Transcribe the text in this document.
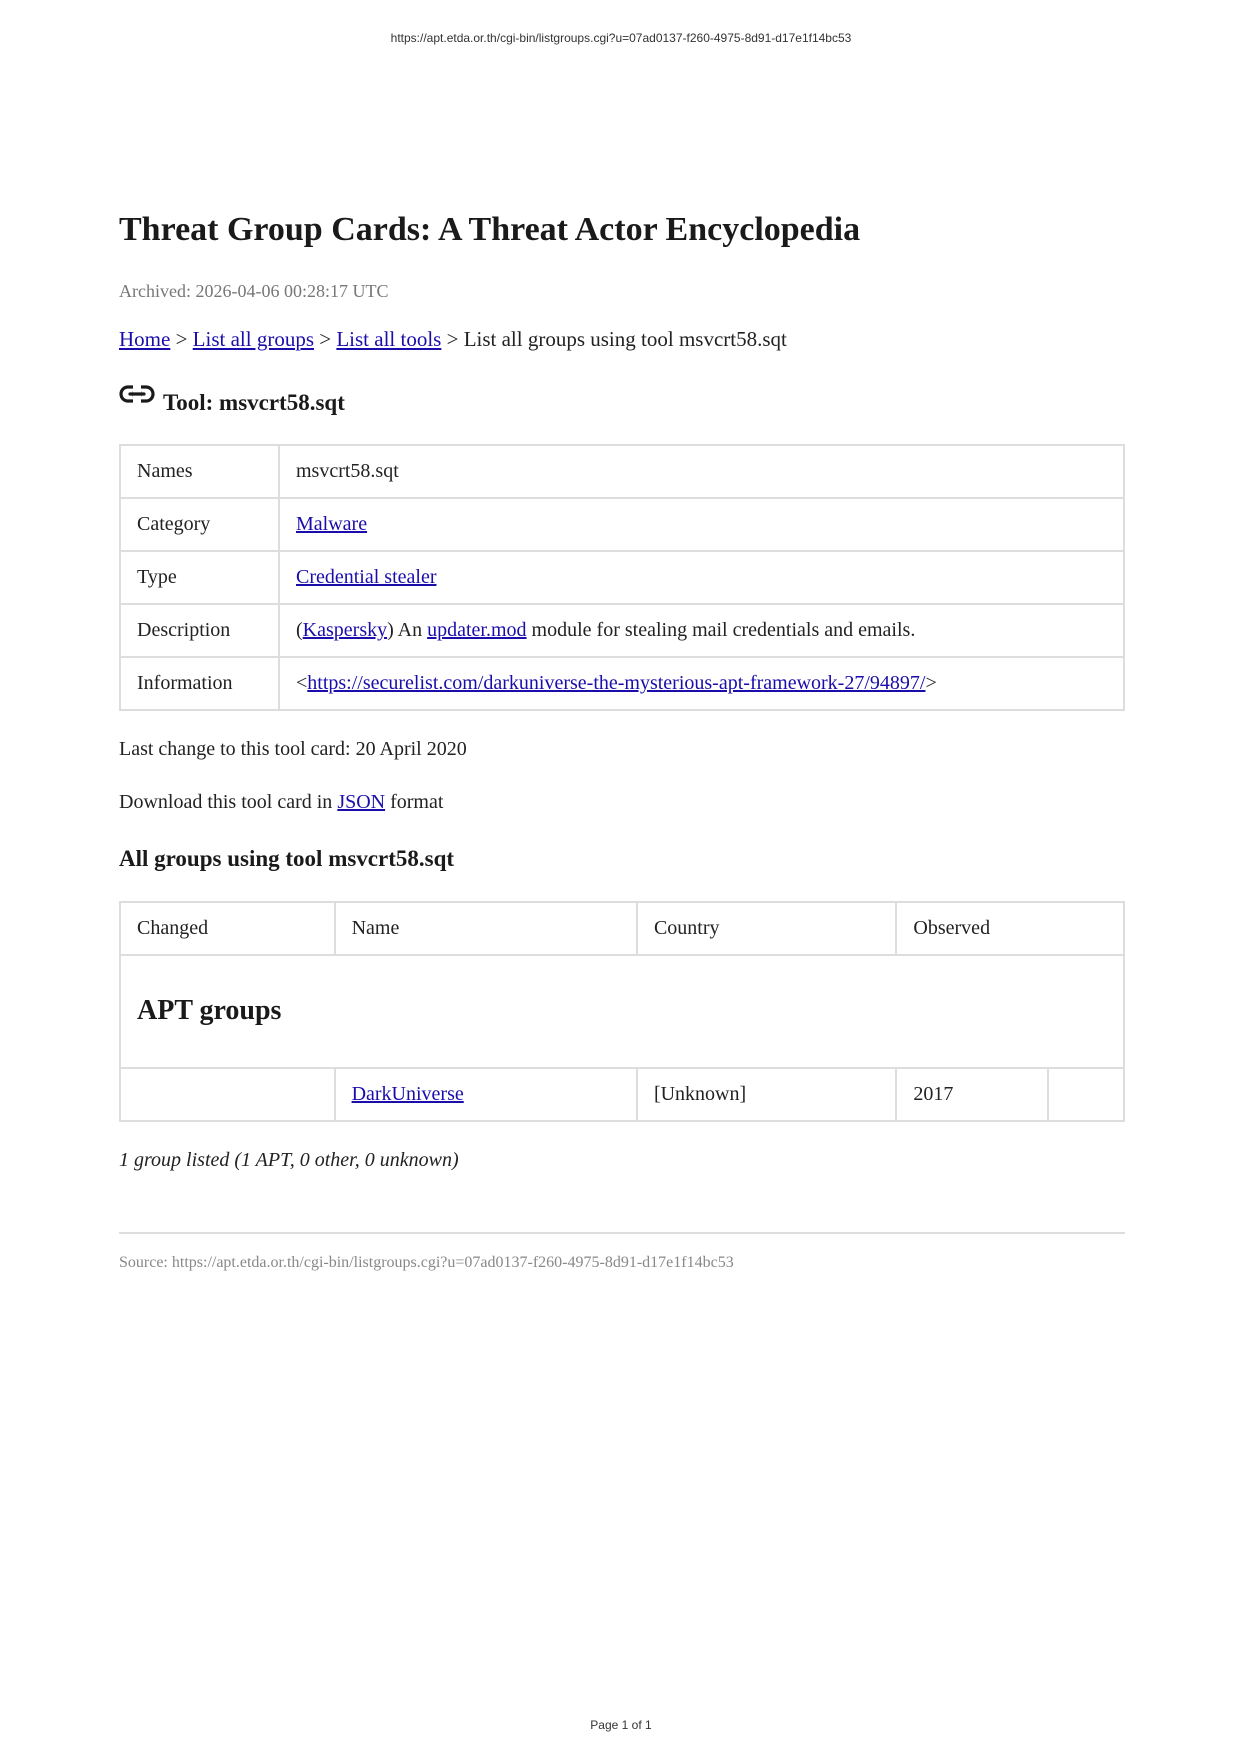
https://apt.etda.or.th/cgi-bin/listgroups.cgi?u=07ad0137-f260-4975-8d91-d17e1f14bc53
Threat Group Cards: A Threat Actor Encyclopedia
Archived: 2026-04-06 00:28:17 UTC
Home > List all groups > List all tools > List all groups using tool msvcrt58.sqt
Tool: msvcrt58.sqt
Names	msvcrt58.sqt
Category	Malware
Type	Credential stealer
Description	(Kaspersky) An updater.mod module for stealing mail credentials and emails.
Information	<https://securelist.com/darkuniverse-the-mysterious-apt-framework-27/94897/>
Last change to this tool card: 20 April 2020
Download this tool card in JSON format
All groups using tool msvcrt58.sqt
Changed	Name	Country	Observed	
APT groups				
	DarkUniverse	[Unknown]	2017	
1 group listed (1 APT, 0 other, 0 unknown)
Source: https://apt.etda.or.th/cgi-bin/listgroups.cgi?u=07ad0137-f260-4975-8d91-d17e1f14bc53
Page 1 of 1
